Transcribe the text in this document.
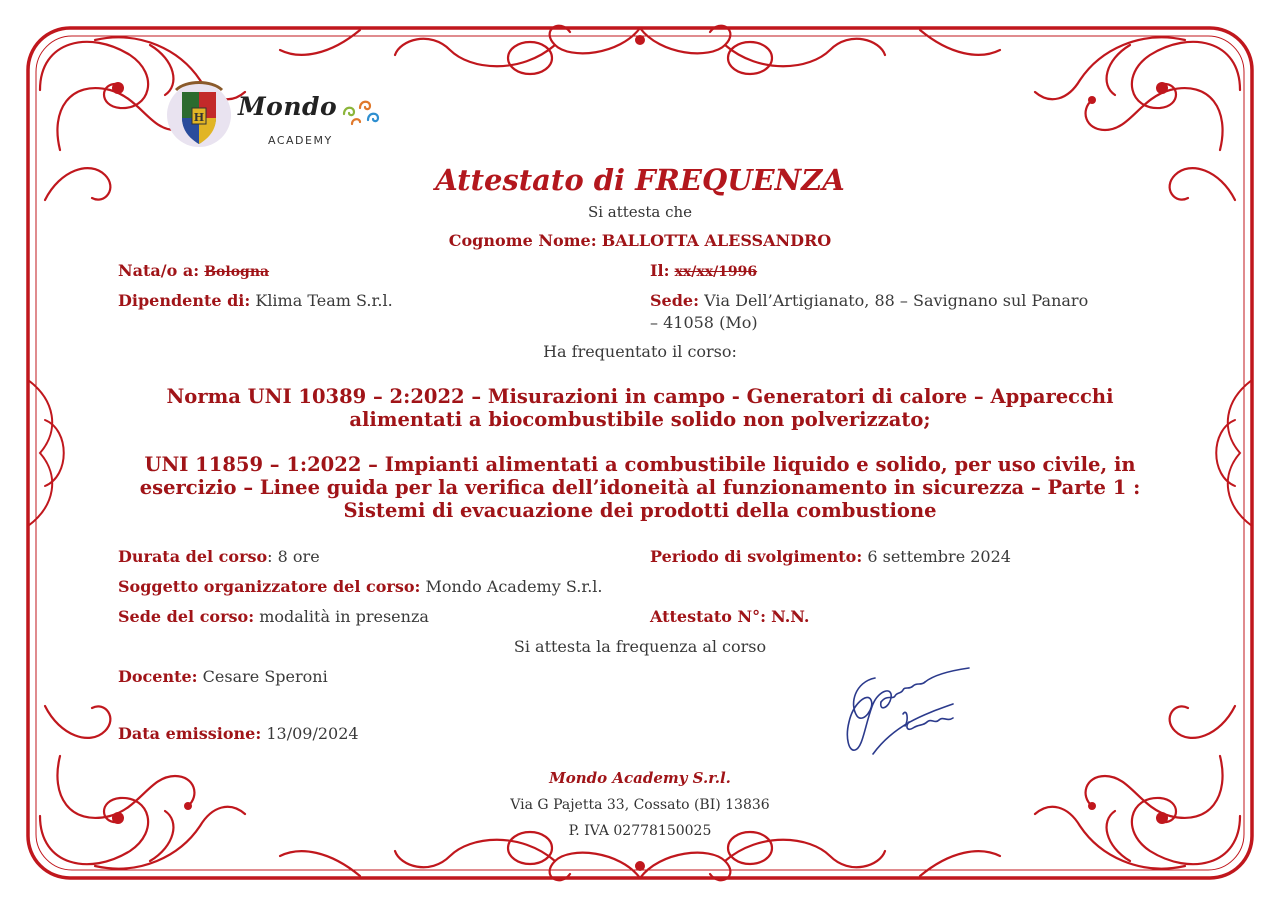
H Mondo
ACADEMY
Attestato di FREQUENZA
Si attesta che
Cognome Nome: BALLOTTA ALESSANDRO
Nata/o a: Bologna	Il: xx/xx/1996
Dipendente di: Klima Team S.r.l.	Sede: Via Dell’Artigianato, 88 – Savignano sul Panaro
– 41058 (Mo)
Ha frequentato il corso:
Norma UNI 10389 – 2:2022 – Misurazioni in campo - Generatori di calore – Apparecchi alimentati a biocombustibile solido non polverizzato;
UNI 11859 – 1:2022 – Impianti alimentati a combustibile liquido e solido, per uso civile, in esercizio – Linee guida per la verifica dell’idoneità al funzionamento in sicurezza – Parte 1 : Sistemi di evacuazione dei prodotti della combustione
Durata del corso: 8 ore	Periodo di svolgimento: 6 settembre 2024
Soggetto organizzatore del corso: Mondo Academy S.r.l.
Sede del corso: modalità in presenza	Attestato N°: N.N.
Si attesta la frequenza al corso
Docente: Cesare Speroni
Data emissione: 13/09/2024
Mondo Academy S.r.l.
Via G Pajetta 33, Cossato (BI) 13836
P. IVA 02778150025
